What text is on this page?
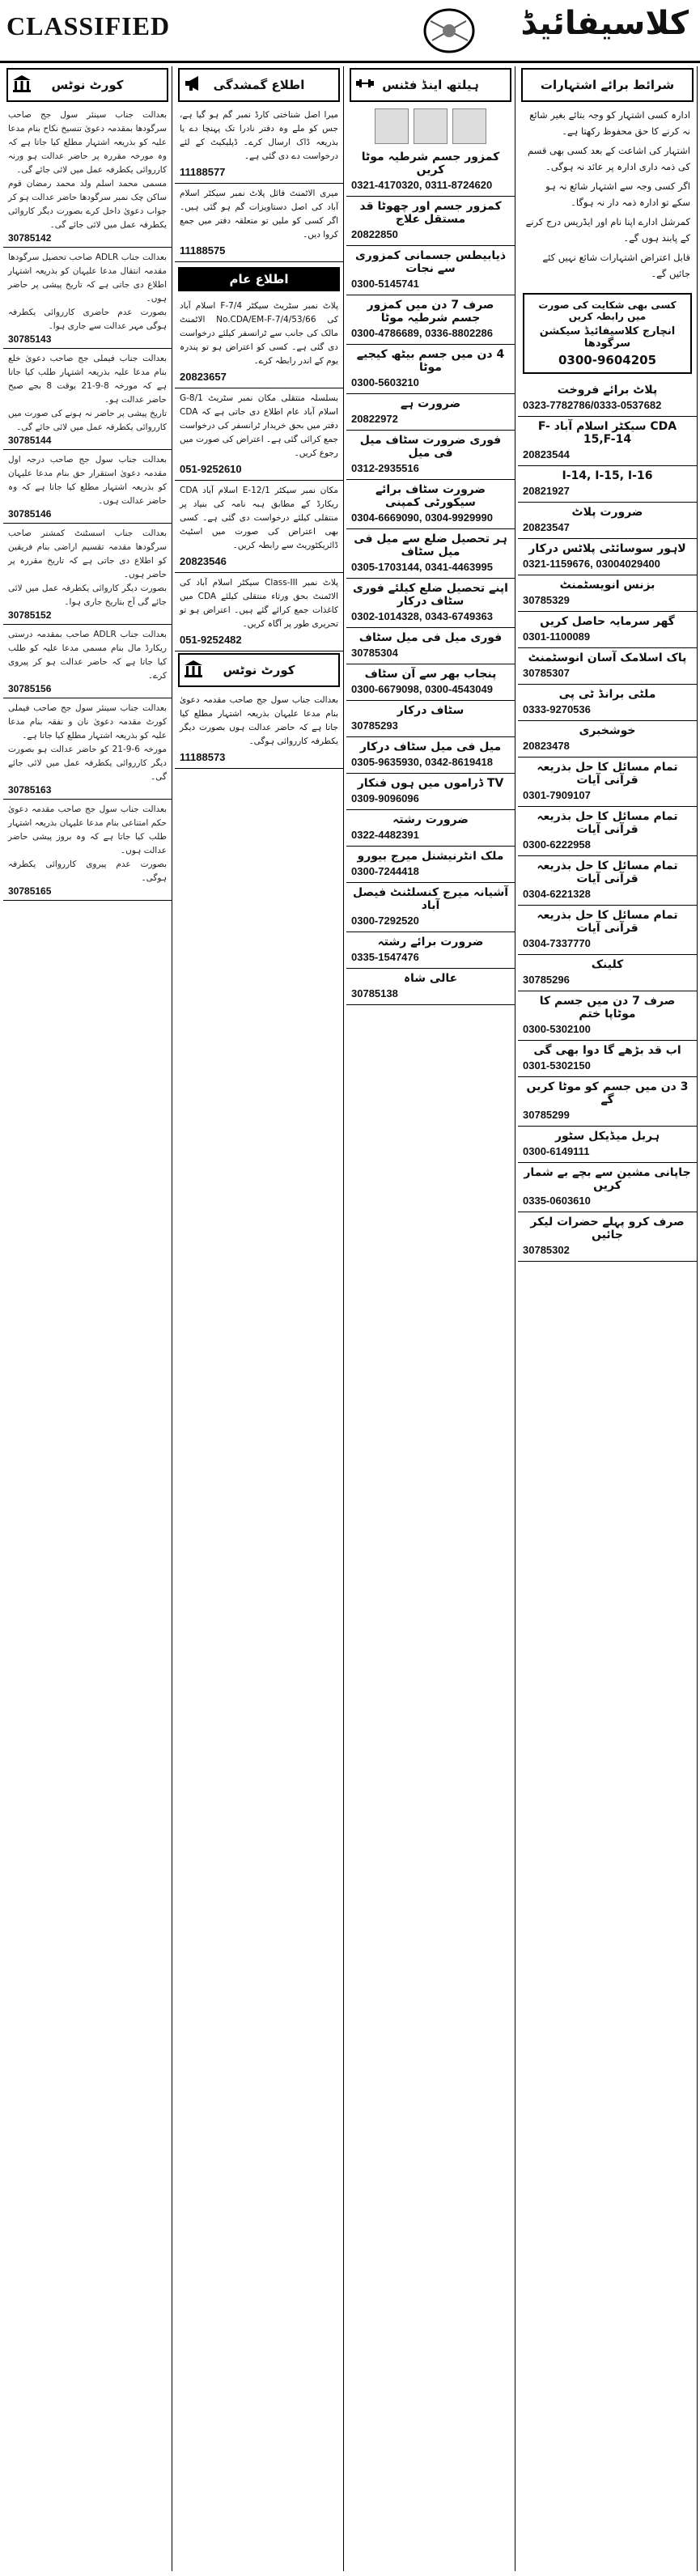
CLASSIFIED	کلاسیفائیڈ
کورٹ نوٹس
بعدالت جناب سینئر سول جج صاحب سرگودھا بمقدمہ دعویٰ تنسیخ نکاح بنام مدعا علیہ کو بذریعہ اشتہار مطلع کیا جاتا ہے کہ وہ مورخہ مقررہ پر حاضر عدالت ہو ورنہ کارروائی یکطرفہ عمل میں لائی جائے گی۔
مسمی محمد اسلم ولد محمد رمضان قوم ساکن چک نمبر سرگودھا حاضر عدالت ہو کر جواب دعویٰ داخل کرے بصورت دیگر کاروائی یکطرفہ عمل میں لائی جائے گی۔
30785142
بعدالت جناب ADLR صاحب تحصیل سرگودھا مقدمہ انتقال مدعا علیہان کو بذریعہ اشتہار اطلاع دی جاتی ہے کہ تاریخ پیشی پر حاضر ہوں۔
بصورت عدم حاضری کارروائی یکطرفہ ہوگی مہر عدالت سے جاری ہوا۔
30785143
بعدالت جناب فیملی جج صاحب دعویٰ خلع بنام مدعا علیہ بذریعہ اشتہار طلب کیا جاتا ہے کہ مورخہ 8-9-21 بوقت 8 بجے صبح حاضر عدالت ہو۔
تاریخ پیشی پر حاضر نہ ہونے کی صورت میں کارروائی یکطرفہ عمل میں لائی جائے گی۔
30785144
بعدالت جناب سول جج صاحب درجہ اول مقدمہ دعویٰ استقرار حق بنام مدعا علیہان کو بذریعہ اشتہار مطلع کیا جاتا ہے کہ وہ حاضر عدالت ہوں۔
30785146
بعدالت جناب اسسٹنٹ کمشنر صاحب سرگودھا مقدمہ تقسیم اراضی بنام فریقین کو اطلاع دی جاتی ہے کہ تاریخ مقررہ پر حاضر ہوں۔
بصورت دیگر کاروائی یکطرفہ عمل میں لائی جائے گی آج بتاریخ جاری ہوا۔
30785152
بعدالت جناب ADLR صاحب بمقدمہ درستی ریکارڈ مال بنام مسمی مدعا علیہ کو طلب کیا جاتا ہے کہ حاضر عدالت ہو کر پیروی کرے۔
30785156
بعدالت جناب سینئر سول جج صاحب فیملی کورٹ مقدمہ دعویٰ نان و نفقہ بنام مدعا علیہ کو بذریعہ اشتہار مطلع کیا جاتا ہے۔
مورخہ 6-9-21 کو حاضر عدالت ہو بصورت دیگر کارروائی یکطرفہ عمل میں لائی جائے گی۔
30785163
بعدالت جناب سول جج صاحب مقدمہ دعویٰ حکم امتناعی بنام مدعا علیہان بذریعہ اشتہار طلب کیا جاتا ہے کہ وہ بروز پیشی حاضر عدالت ہوں۔
بصورت عدم پیروی کارروائی یکطرفہ ہوگی۔
30785165
اطلاع گمشدگی
میرا اصل شناختی کارڈ نمبر گم ہو گیا ہے، جس کو ملے وہ دفتر نادرا تک پہنچا دے یا بذریعہ ڈاک ارسال کرے۔ ڈپلیکیٹ کے لئے درخواست دے دی گئی ہے۔
11188577
میری الاٹمنٹ فائل پلاٹ نمبر سیکٹر اسلام آباد کی اصل دستاویزات گم ہو گئی ہیں۔ اگر کسی کو ملیں تو متعلقہ دفتر میں جمع کروا دیں۔
11188575
اطلاع عام
پلاٹ نمبر سٹریٹ سیکٹر F-7/4 اسلام آباد کی No.CDA/EM-F-7/4/53/66 الاٹمنٹ مالک کی جانب سے ٹرانسفر کیلئے درخواست دی گئی ہے۔ کسی کو اعتراض ہو تو پندرہ یوم کے اندر رابطہ کرے۔
20823657
بسلسلہ منتقلی مکان نمبر سٹریٹ G-8/1 اسلام آباد عام اطلاع دی جاتی ہے کہ CDA دفتر میں بحق خریدار ٹرانسفر کی درخواست جمع کرائی گئی ہے۔ اعتراض کی صورت میں رجوع کریں۔
051-9252610
مکان نمبر سیکٹر E-12/1 اسلام آباد CDA ریکارڈ کے مطابق ہبہ نامہ کی بنیاد پر منتقلی کیلئے درخواست دی گئی ہے۔ کسی بھی اعتراض کی صورت میں اسٹیٹ ڈائریکٹوریٹ سے رابطہ کریں۔
20823546
پلاٹ نمبر Class-III سیکٹر اسلام آباد کی الاٹمنٹ بحق ورثاء منتقلی کیلئے CDA میں کاغذات جمع کرائے گئے ہیں۔ اعتراض ہو تو تحریری طور پر آگاہ کریں۔
051-9252482
کورٹ نوٹس
بعدالت جناب سول جج صاحب مقدمہ دعویٰ بنام مدعا علیہان بذریعہ اشتہار مطلع کیا جاتا ہے کہ حاضر عدالت ہوں بصورت دیگر یکطرفہ کارروائی ہوگی۔
11188573
ہیلتھ اینڈ فٹنس
کمزور جسم شرطیہ موٹا کریں
0321-4170320, 0311-8724620
کمزور جسم اور چھوٹا قد مستقل علاج
20822850
ذیابیطس جسمانی کمزوری سے نجات
0300-5145741
صرف 7 دن میں کمزور جسم شرطیہ موٹا
0300-4786689, 0336-8802286
4 دن میں جسم بیٹھ کیجیے موٹا
0300-5603210
ضرورت ہے
20822972
فوری ضرورت سٹاف میل فی میل
0312-2935516
ضرورت سٹاف برائے سیکورٹی کمپنی
0304-6669090, 0304-9929990
ہر تحصیل ضلع سے میل فی میل سٹاف
0305-1703144, 0341-4463995
اپنے تحصیل ضلع کیلئے فوری سٹاف درکار
0302-1014328, 0343-6749363
فوری میل فی میل سٹاف
30785304
پنجاب بھر سے آن سٹاف
0300-6679098, 0300-4543049
سٹاف درکار
30785293
میل فی میل سٹاف درکار
0305-9635930, 0342-8619418
TV ڈراموں میں ہوں فنکار
0309-9096096
ضرورت رشتہ
0322-4482391
ملک انٹرنیشنل میرج بیورو
0300-7244418
آشیانہ میرج کنسلٹنٹ فیصل آباد
0300-7292520
ضرورت برائے رشتہ
0335-1547476
عالی شاہ
30785138
شرائط برائے اشتہارات

ادارہ کسی اشتہار کو وجہ بتائے بغیر شائع نہ کرنے کا حق محفوظ رکھتا ہے۔

اشتہار کی اشاعت کے بعد کسی بھی قسم کی ذمہ داری ادارہ پر عائد نہ ہوگی۔

اگر کسی وجہ سے اشتہار شائع نہ ہو سکے تو ادارہ ذمہ دار نہ ہوگا۔

کمرشل ادارے اپنا نام اور ایڈریس درج کرنے کے پابند ہوں گے۔

قابل اعتراض اشتہارات شائع نہیں کئے جائیں گے۔

کسی بھی شکایت کی صورت میں رابطہ کریں
انچارج کلاسیفائیڈ سیکشن سرگودھا
0300-9604205
پلاٹ برائے فروخت
0323-7782786/0333-0537682
CDA سیکٹر اسلام آباد F-15,F-14
20823544
I-14, I-15, I-16
20821927
ضرورت پلاٹ
20823547
لاہور سوسائٹی پلاٹس درکار
0321-1159676, 03004029400
بزنس انویسٹمنٹ
30785329
گھر سرمایہ حاصل کریں
0301-1100089
پاک اسلامک آسان انوسٹمنٹ
30785307
ملٹی برانڈ ٹی پی
0333-9270536
خوشخبری
20823478
تمام مسائل کا حل بذریعہ قرآنی آیات
0301-7909107
تمام مسائل کا حل بذریعہ قرآنی آیات
0300-6222958
تمام مسائل کا حل بذریعہ قرآنی آیات
0304-6221328
تمام مسائل کا حل بذریعہ قرآنی آیات
0304-7337770
کلینک
30785296
صرف 7 دن میں جسم کا موٹاپا ختم
0300-5302100
اب قد بڑھے گا دوا بھی گی
0301-5302150
3 دن میں جسم کو موٹا کریں گے
30785299
ہربل میڈیکل سٹور
0300-6149111
جاپانی مشین سے بچے بے شمار کریں
0335-0603610
صرف کرو پہلے حضرات لیکر جائیں
30785302
